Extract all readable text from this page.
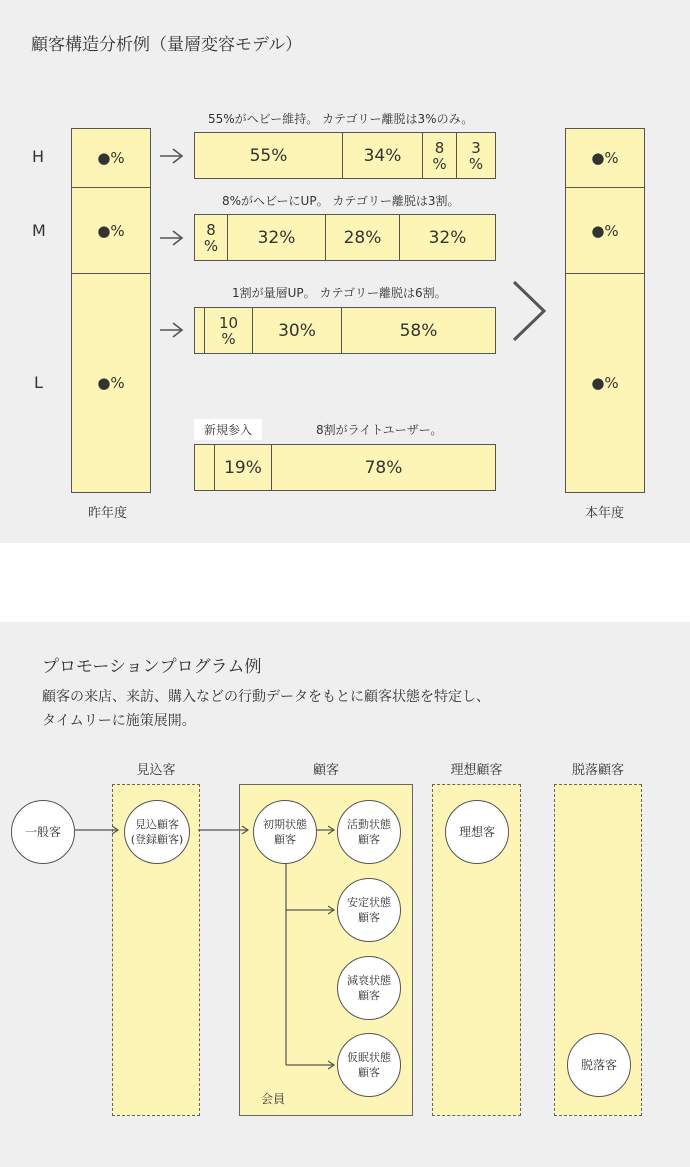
顧客構造分析例（量層変容モデル）
H
M
L
●%
●%
●%
昨年度
●%
●%
●%
本年度
55%がヘビー維持。 カテゴリー離脱は3%のみ。
55%	34%	8
%
3
%
8%がヘビーにUP。 カテゴリー離脱は3割。
8
%	32%	28%	32%
1割が量層UP。 カテゴリー離脱は6割。
10
%	30%	58%
新規参入	8割がライトユーザー。
19%	78%
プロモーションプログラム例
顧客の来店、来訪、購入などの行動データをもとに顧客状態を特定し、
タイムリーに施策展開。
見込客	顧客	理想顧客	脱落顧客
会員
一般客	見込顧客
(登録顧客)
初期状態
顧客
活動状態
顧客
安定状態
顧客
減衰状態
顧客
仮眠状態
顧客
理想客
脱落客
